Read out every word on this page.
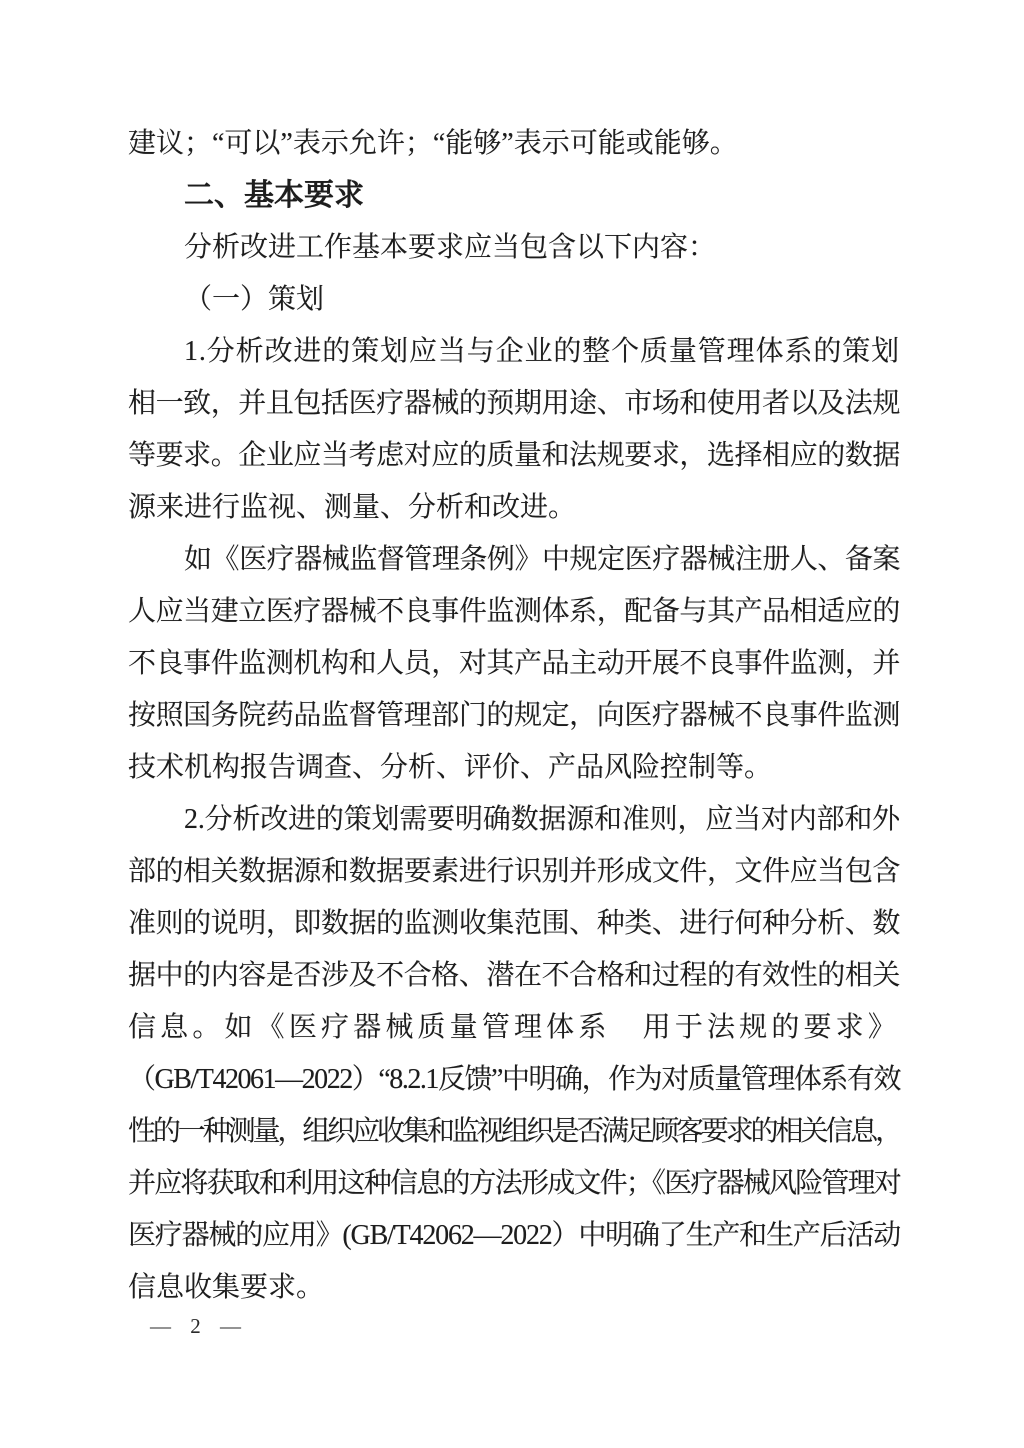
建议；“可以”表示允许；“能够”表示可能或能够。
二、基本要求
分析改进工作基本要求应当包含以下内容：
（一）策划
1.分析改进的策划应当与企业的整个质量管理体系的策划
相一致，并且包括医疗器械的预期用途、市场和使用者以及法规
等要求。企业应当考虑对应的质量和法规要求，选择相应的数据
源来进行监视、测量、分析和改进。
如《医疗器械监督管理条例》中规定医疗器械注册人、备案
人应当建立医疗器械不良事件监测体系，配备与其产品相适应的
不良事件监测机构和人员，对其产品主动开展不良事件监测，并
按照国务院药品监督管理部门的规定，向医疗器械不良事件监测
技术机构报告调查、分析、评价、产品风险控制等。
2.分析改进的策划需要明确数据源和准则，应当对内部和外
部的相关数据源和数据要素进行识别并形成文件，文件应当包含
准则的说明，即数据的监测收集范围、种类、进行何种分析、数
据中的内容是否涉及不合格、潜在不合格和过程的有效性的相关
信息。如《医疗器械质量管理体系　用于法规的要求》
（GB/T42061—2022）“8.2.1反馈”中明确，作为对质量管理体系有效
性的一种测量，组织应收集和监视组织是否满足顾客要求的相关信息，
并应将获取和利用这种信息的方法形成文件；《医疗器械风险管理对
医疗器械的应用》(GB/T42062—2022）中明确了生产和生产后活动
信息收集要求。
— 2 —
